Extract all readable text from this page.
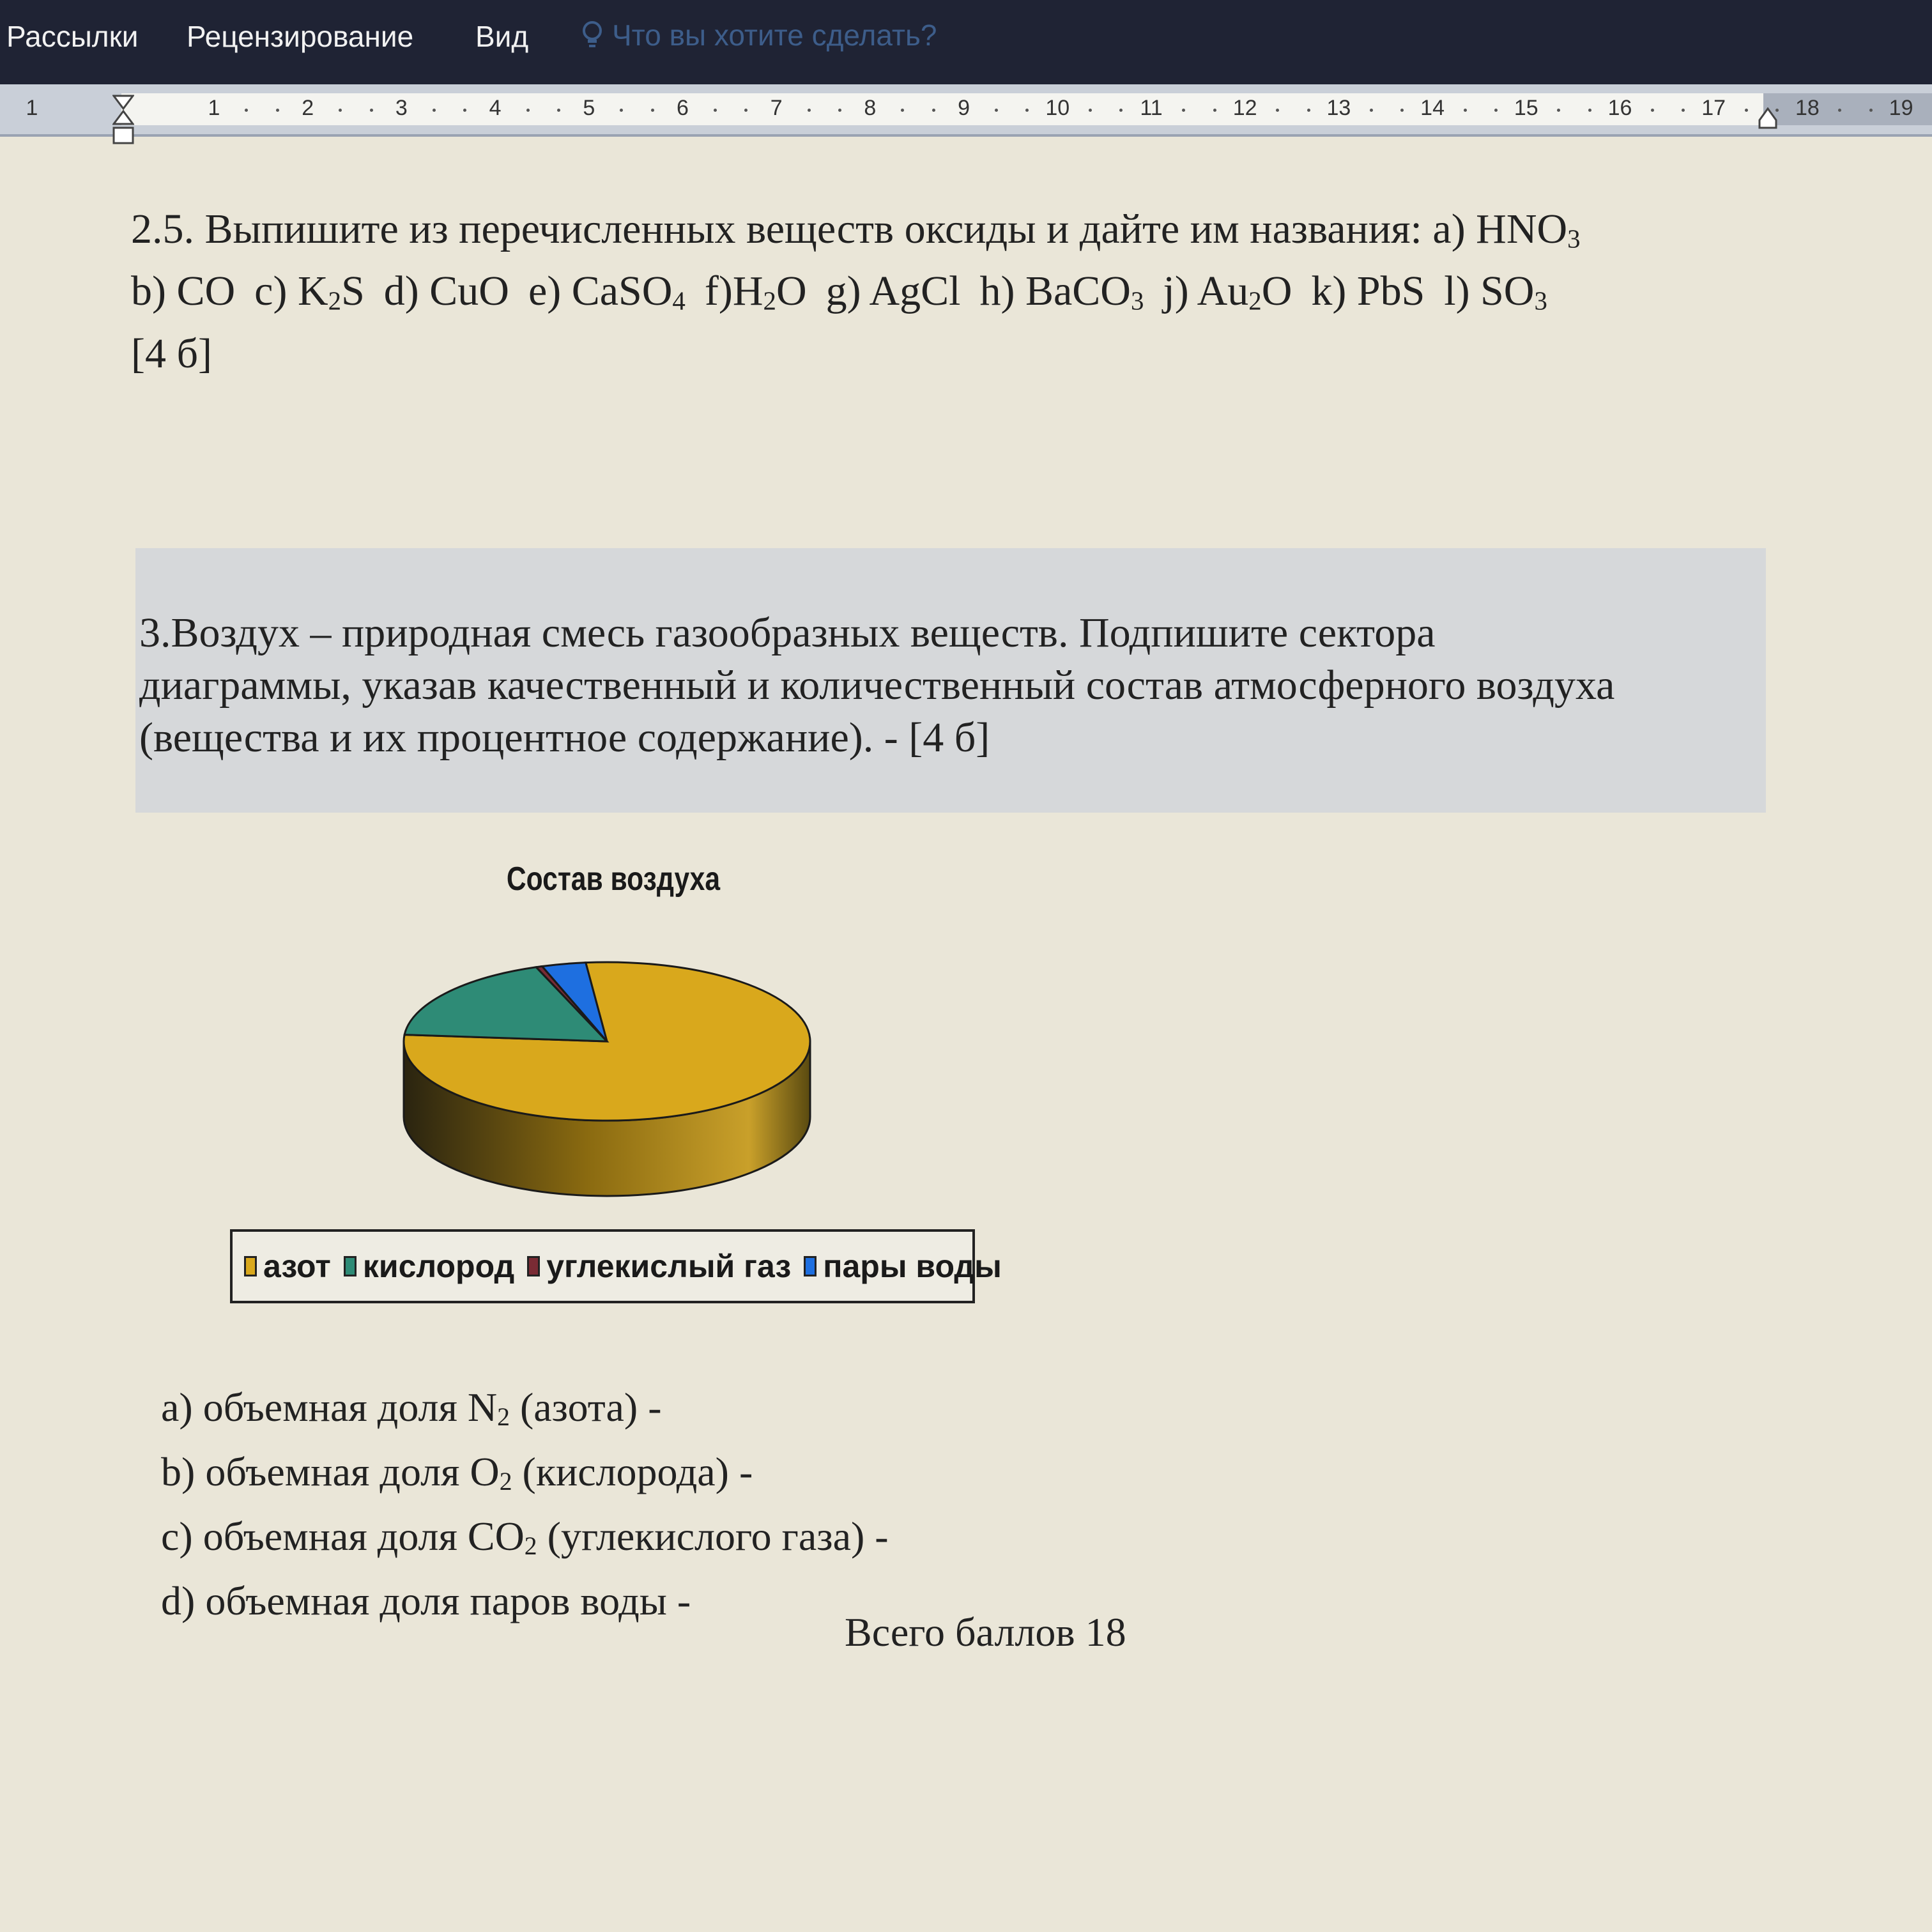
Рассылки Рецензирование Вид	Что вы хотите сделать?
1	1	2	3	4	5	6	7	8	9	10	11	12	13	14	15	16	17	18	19
2.5. Выпишите из перечисленных веществ оксиды и дайте им названия: a) $HNO_3$
b) CO c) $K_2S$ d) CuO e) CaSO$_4$ $f)H_2O$ g) AgCl h) BaCO$_3$ j) $Au_2O$ k) PbS l) $SO_3$
[4 б]
3.Воздух – природная смесь газообразных веществ. Подпишите сектора
диаграммы, указав качественный и количественный состав атмосферного воздуха
(вещества и их процентное содержание). - [4 б]
Состав воздуха
азот кислород углекислый газ пары воды
a) объемная доля $N_2$ (азота) -
b) объемная доля $O_2$ (кислорода) -
c) объемная доля $CO_2$ (углекислого газа) -
d) объемная доля паров воды -
Всего баллов 18
